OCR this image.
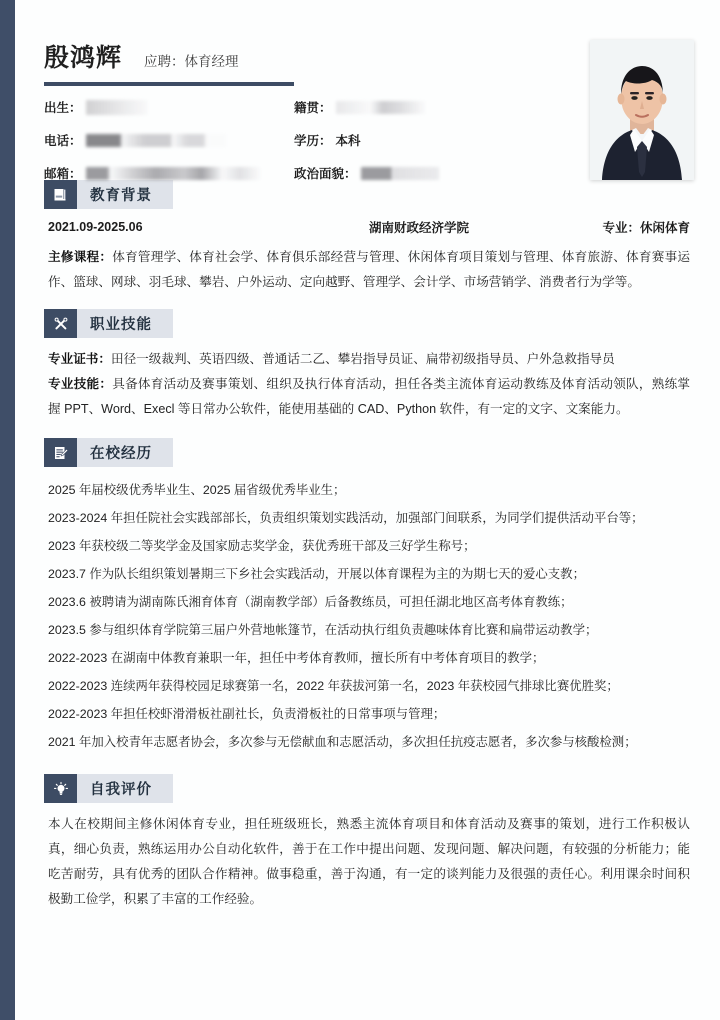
殷鸿辉 应聘：体育经理
出生：	籍贯：
电话：	学历： 本科
邮箱：	政治面貌：
教育背景
2021.09-2025.06	湖南财政经济学院	专业：休闲体育
主修课程：体育管理学、体育社会学、体育俱乐部经营与管理、休闲体育项目策划与管理、体育旅游、体育赛事运作、篮球、网球、羽毛球、攀岩、户外运动、定向越野、管理学、会计学、市场营销学、消费者行为学等。
职业技能
专业证书：田径一级裁判、英语四级、普通话二乙、攀岩指导员证、扁带初级指导员、户外急救指导员
专业技能：具备体育活动及赛事策划、组织及执行体育活动，担任各类主流体育运动教练及体育活动领队，熟练掌握 PPT、Word、Execl 等日常办公软件，能使用基础的 CAD、Python 软件，有一定的文字、文案能力。
在校经历
2025 年届校级优秀毕业生、2025 届省级优秀毕业生；
2023-2024 年担任院社会实践部部长，负责组织策划实践活动，加强部门间联系，为同学们提供活动平台等；
2023 年获校级二等奖学金及国家励志奖学金，获优秀班干部及三好学生称号；
2023.7 作为队长组织策划暑期三下乡社会实践活动，开展以体育课程为主的为期七天的爱心支教；
2023.6 被聘请为湖南陈氏湘育体育（湖南教学部）后备教练员，可担任湖北地区高考体育教练；
2023.5 参与组织体育学院第三届户外营地帐篷节，在活动执行组负责趣味体育比赛和扁带运动教学；
2022-2023 在湖南中体教育兼职一年，担任中考体育教师，擅长所有中考体育项目的教学；
2022-2023 连续两年获得校园足球赛第一名，2022 年获拔河第一名，2023 年获校园气排球比赛优胜奖；
2022-2023 年担任校虾滑滑板社副社长，负责滑板社的日常事项与管理；
2021 年加入校青年志愿者协会，多次参与无偿献血和志愿活动，多次担任抗疫志愿者，多次参与核酸检测；
自我评价
本人在校期间主修休闲体育专业，担任班级班长，熟悉主流体育项目和体育活动及赛事的策划，进行工作积极认真，细心负责，熟练运用办公自动化软件，善于在工作中提出问题、发现问题、解决问题，有较强的分析能力；能吃苦耐劳，具有优秀的团队合作精神。做事稳重，善于沟通，有一定的谈判能力及很强的责任心。利用课余时间积极勤工俭学，积累了丰富的工作经验。
